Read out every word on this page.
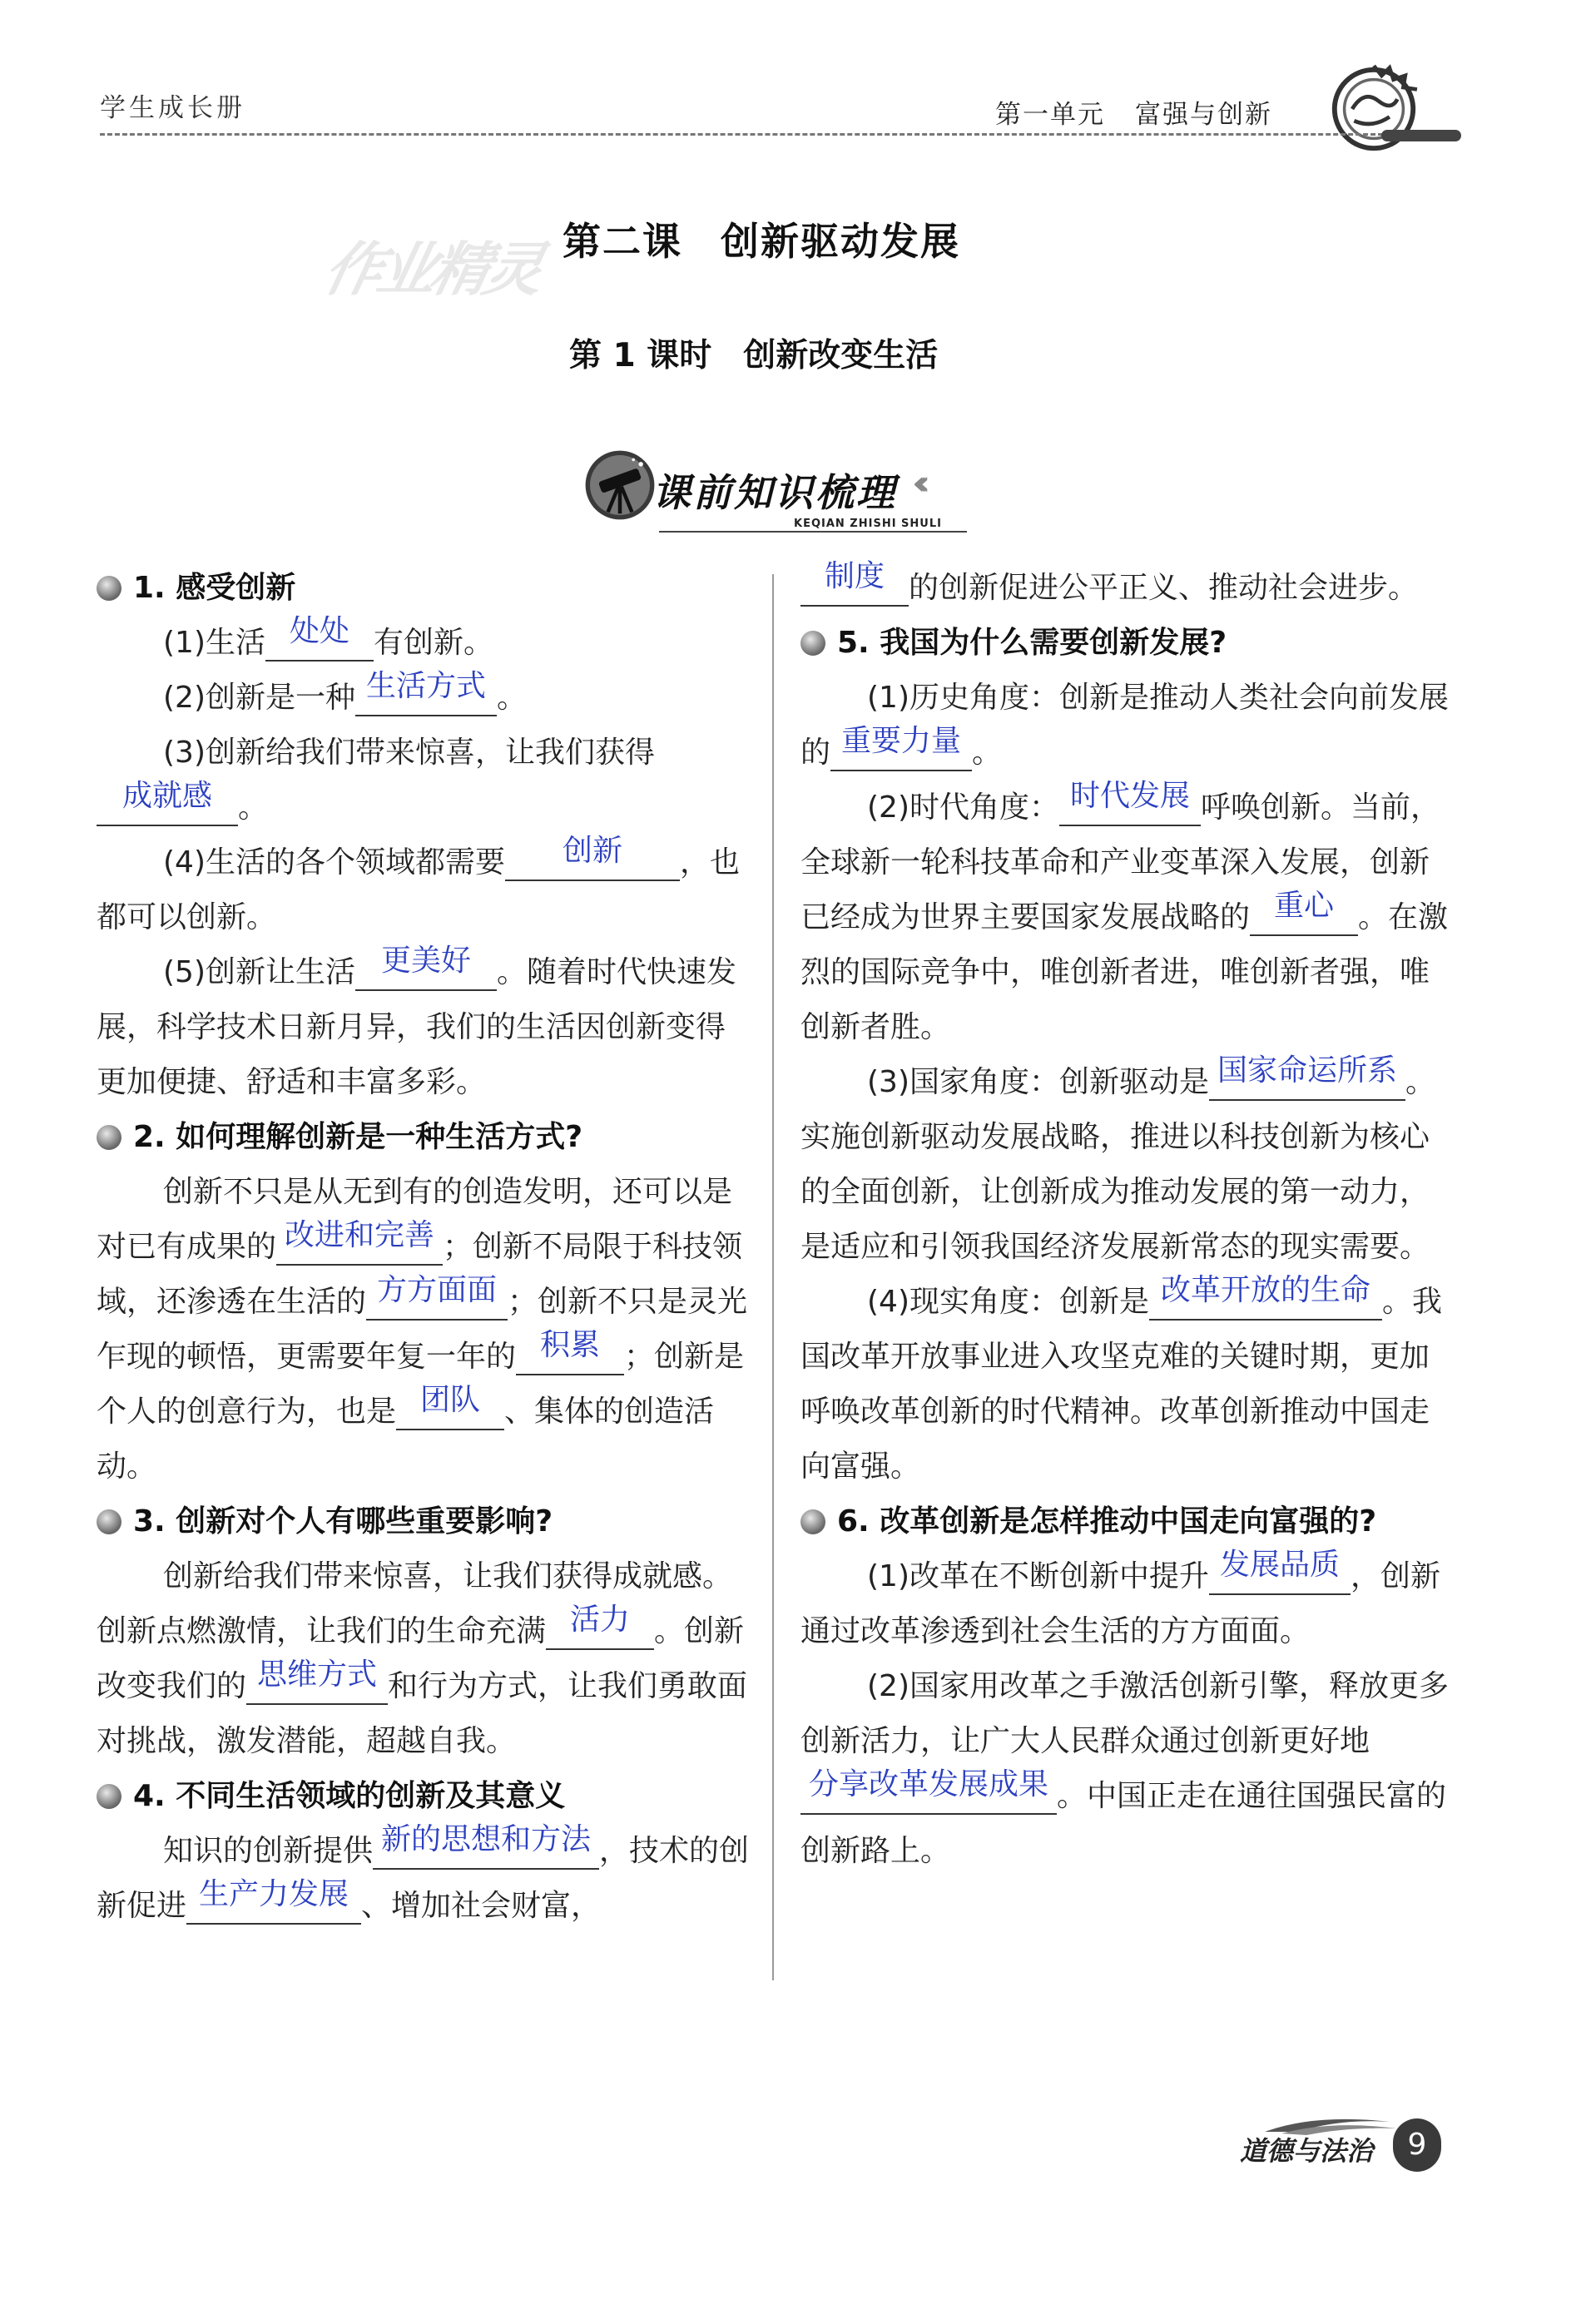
学生成长册	第一单元 富强与创新
作业精灵 第二课 创新驱动发展
第 1 课时 创新改变生活
课前知识梳理 ‹‹‹‹
KEQIAN ZHISHI SHULI

1. 感受创新

(1)生活 处处 有创新。

(2)创新是一种 生活方式 。

(3)创新给我们带来惊喜，让我们获得成就感 。

(4)生活的各个领域都需要 创新 ，也都可以创新。

(5)创新让生活 更美好 。随着时代快速发展，科学技术日新月异，我们的生活因创新变得更加便捷、舒适和丰富多彩。

2. 如何理解创新是一种生活方式?

创新不只是从无到有的创造发明，还可以是对已有成果的 改进和完善 ；创新不局限于科技领域，还渗透在生活的 方方面面 ；创新不只是灵光乍现的顿悟，更需要年复一年的 积累 ；创新是个人的创意行为，也是 团队 、集体的创造活动。

3. 创新对个人有哪些重要影响?

创新给我们带来惊喜，让我们获得成就感。创新点燃激情，让我们的生命充满 活力 。创新改变我们的 思维方式 和行为方式，让我们勇敢面对挑战，激发潜能，超越自我。

4. 不同生活领域的创新及其意义

知识的创新提供 新的思想和方法 ，技术的创新促进 生产力发展 、增加社会财富，

制度 的创新促进公平正义、推动社会进步。

5. 我国为什么需要创新发展?

(1)历史角度：创新是推动人类社会向前发展的 重要力量 。

(2)时代角度： 时代发展 呼唤创新。当前，全球新一轮科技革命和产业变革深入发展，创新已经成为世界主要国家发展战略的 重心 。在激烈的国际竞争中，唯创新者进，唯创新者强，唯创新者胜。

(3)国家角度：创新驱动是 国家命运所系 。实施创新驱动发展战略，推进以科技创新为核心的全面创新，让创新成为推动发展的第一动力，是适应和引领我国经济发展新常态的现实需要。

(4)现实角度：创新是 改革开放的生命 。我国改革开放事业进入攻坚克难的关键时期，更加呼唤改革创新的时代精神。改革创新推动中国走向富强。

6. 改革创新是怎样推动中国走向富强的?

(1)改革在不断创新中提升 发展品质 ，创新通过改革渗透到社会生活的方方面面。

(2)国家用改革之手激活创新引擎，释放更多创新活力，让广大人民群众通过创新更好地分享改革发展成果 。中国正走在通往国强民富的创新路上。

道德与法治	9
